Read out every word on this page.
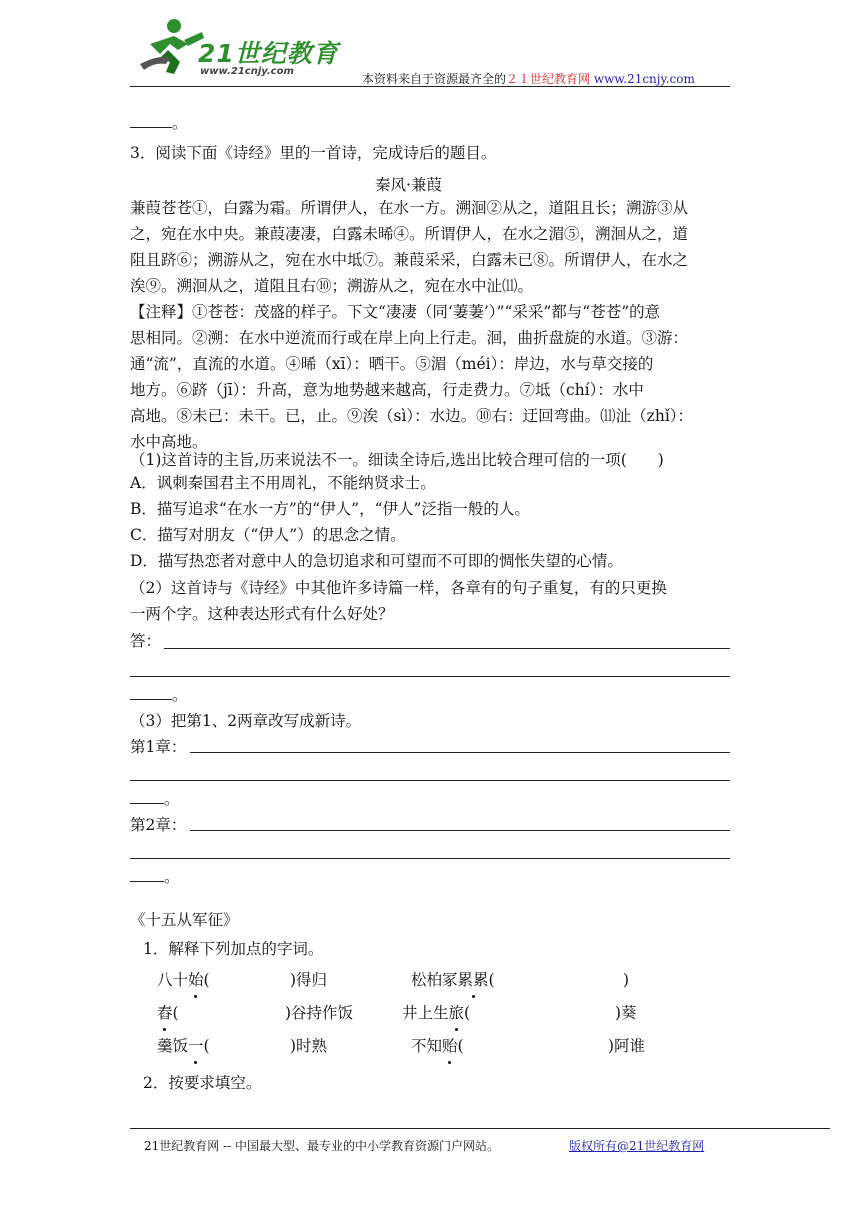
21世纪教育
www.21cnjy.com
本资料来自于资源最齐全的２１世纪教育网 www.21cnjy.com
。
3．阅读下面《诗经》里的一首诗，完成诗后的题目。
秦风·兼葭
兼葭苍苍①，白露为霜。所谓伊人，在水一方。溯洄②从之，道阻且长；溯游③从
之，宛在水中央。兼葭凄凄，白露未晞④。所谓伊人，在水之湄⑤，溯洄从之，道
阻且跻⑥；溯游从之，宛在水中坻⑦。兼葭采采，白露未已⑧。所谓伊人，在水之
涘⑨。溯洄从之，道阻且右⑩；溯游从之，宛在水中沚⑾。
【注释】①苍苍：茂盛的样子。下文“凄凄（同‘萋萋’）”“采采”都与“苍苍”的意
思相同。②溯：在水中逆流而行或在岸上向上行走。洄，曲折盘旋的水道。③游：
通“流”，直流的水道。④晞（xī）：晒干。⑤湄（méi）：岸边，水与草交接的
地方。⑥跻（jī）：升高，意为地势越来越高，行走费力。⑦坻（chí）：水中
高地。⑧未已：未干。已，止。⑨涘（sì）：水边。⑩右：迂回弯曲。⑾沚（zhǐ）：
水中高地。
（1)这首诗的主旨,历来说法不一。细读全诗后,选出比较合理可信的一项(　　)
A．讽刺秦国君主不用周礼，不能纳贤求士。
B．描写追求“在水一方”的“伊人”，“伊人”泛指一般的人。
C．描写对朋友（“伊人”）的思念之情。
D．描写热恋者对意中人的急切追求和可望而不可即的惆怅失望的心情。
（2）这首诗与《诗经》中其他许多诗篇一样，各章有的句子重复，有的只更换
一两个字。这种表达形式有什么好处？
答：
。
（3）把第1、2两章改写成新诗。
第1章：
。
第2章：
。
《十五从军征》
1．解释下列加点的字词。
八十始(	)得归	松柏冢累累(	)
舂(	)谷持作饭	井上生旅(	)葵
羹饭一(	)时熟	不知贻(	)阿谁
2．按要求填空。
21世纪教育网 -- 中国最大型、最专业的中小学教育资源门户网站。	版权所有@21世纪教育网
